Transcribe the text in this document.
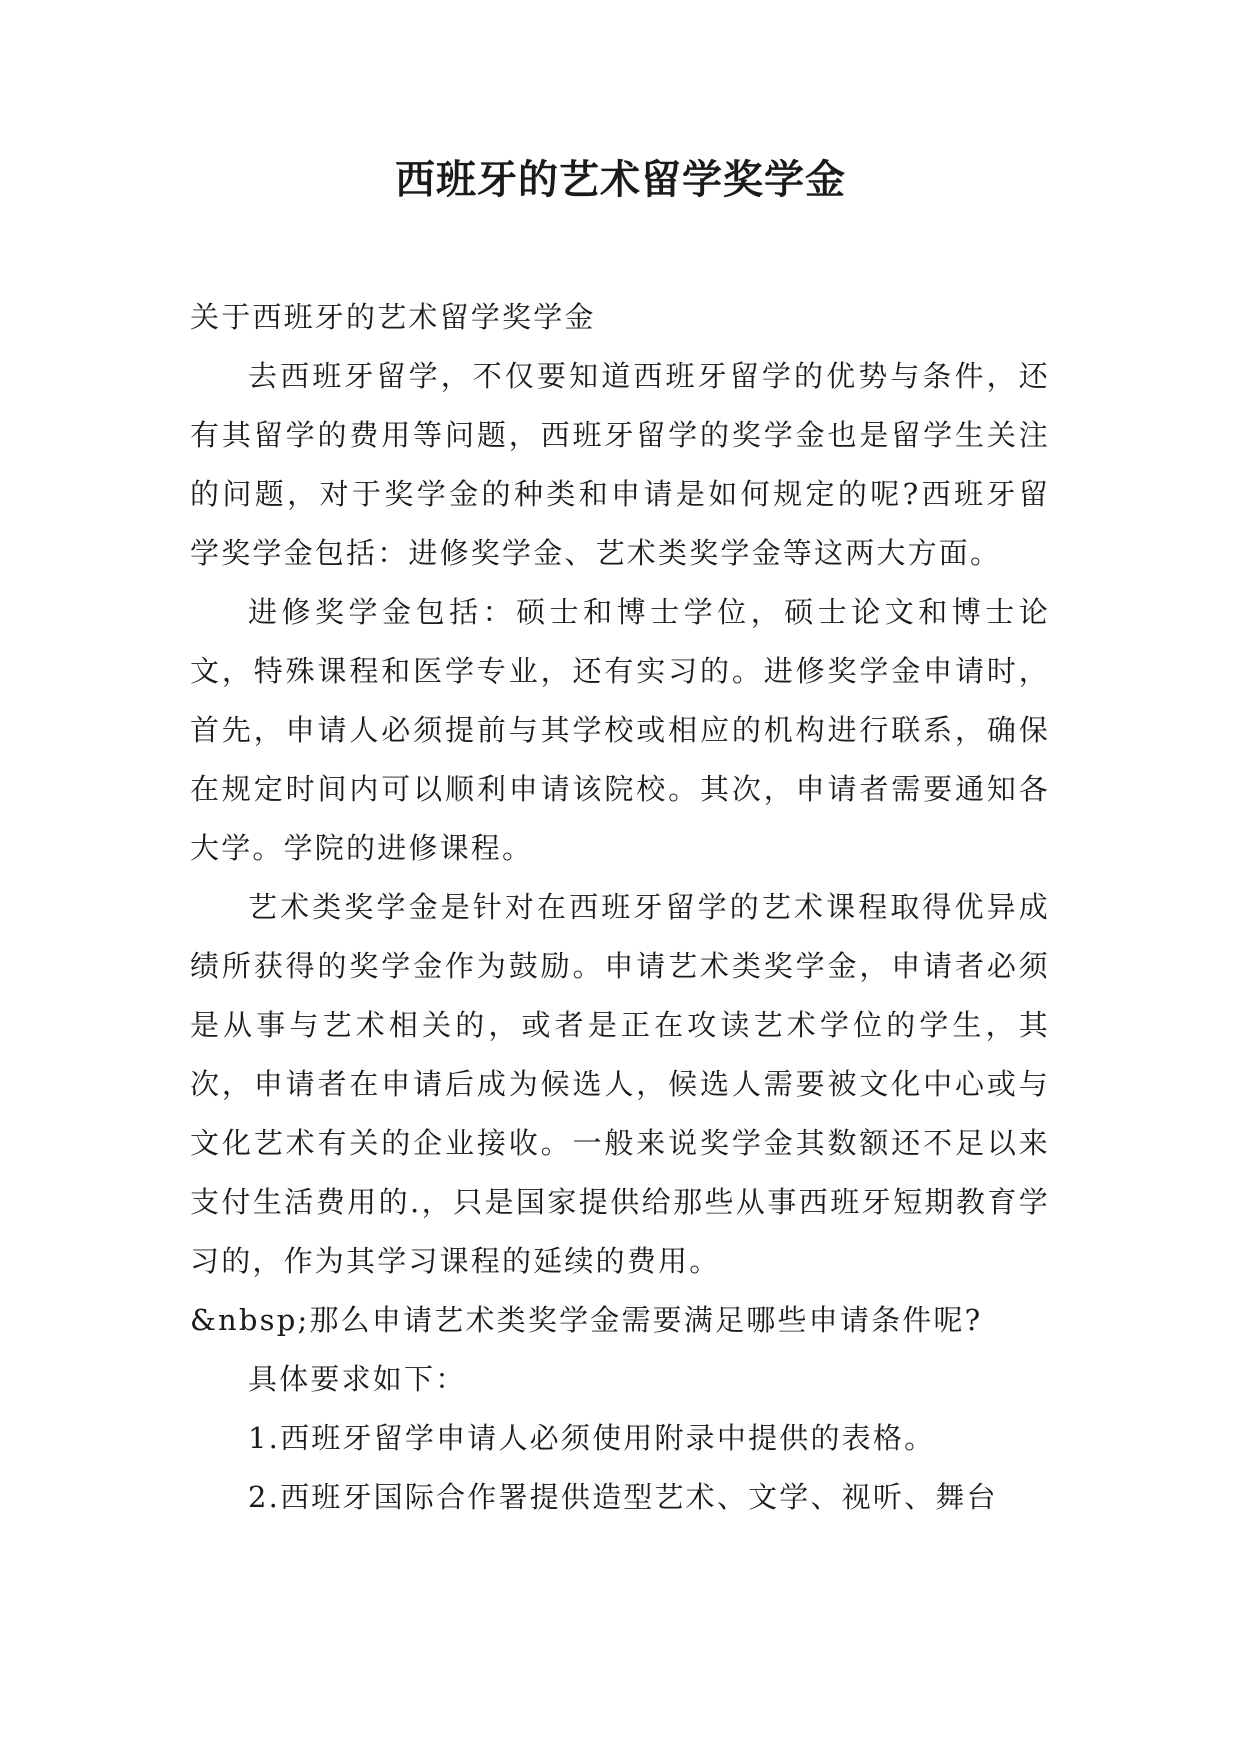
西班牙的艺术留学奖学金

关于西班牙的艺术留学奖学金

去西班牙留学，不仅要知道西班牙留学的优势与条件，还有其留学的费用等问题，西班牙留学的奖学金也是留学生关注的问题，对于奖学金的种类和申请是如何规定的呢?西班牙留学奖学金包括：进修奖学金、艺术类奖学金等这两大方面。

进修奖学金包括：硕士和博士学位，硕士论文和博士论文，特殊课程和医学专业，还有实习的。进修奖学金申请时，首先，申请人必须提前与其学校或相应的机构进行联系，确保在规定时间内可以顺利申请该院校。其次，申请者需要通知各大学。学院的进修课程。

艺术类奖学金是针对在西班牙留学的艺术课程取得优异成绩所获得的奖学金作为鼓励。申请艺术类奖学金，申请者必须是从事与艺术相关的，或者是正在攻读艺术学位的学生，其次，申请者在申请后成为候选人，候选人需要被文化中心或与文化艺术有关的企业接收。一般来说奖学金其数额还不足以来支付生活费用的.，只是国家提供给那些从事西班牙短期教育学习的，作为其学习课程的延续的费用。

&nbsp;那么申请艺术类奖学金需要满足哪些申请条件呢?

具体要求如下：

1.西班牙留学申请人必须使用附录中提供的表格。

2.西班牙国际合作署提供造型艺术、文学、视听、舞台
